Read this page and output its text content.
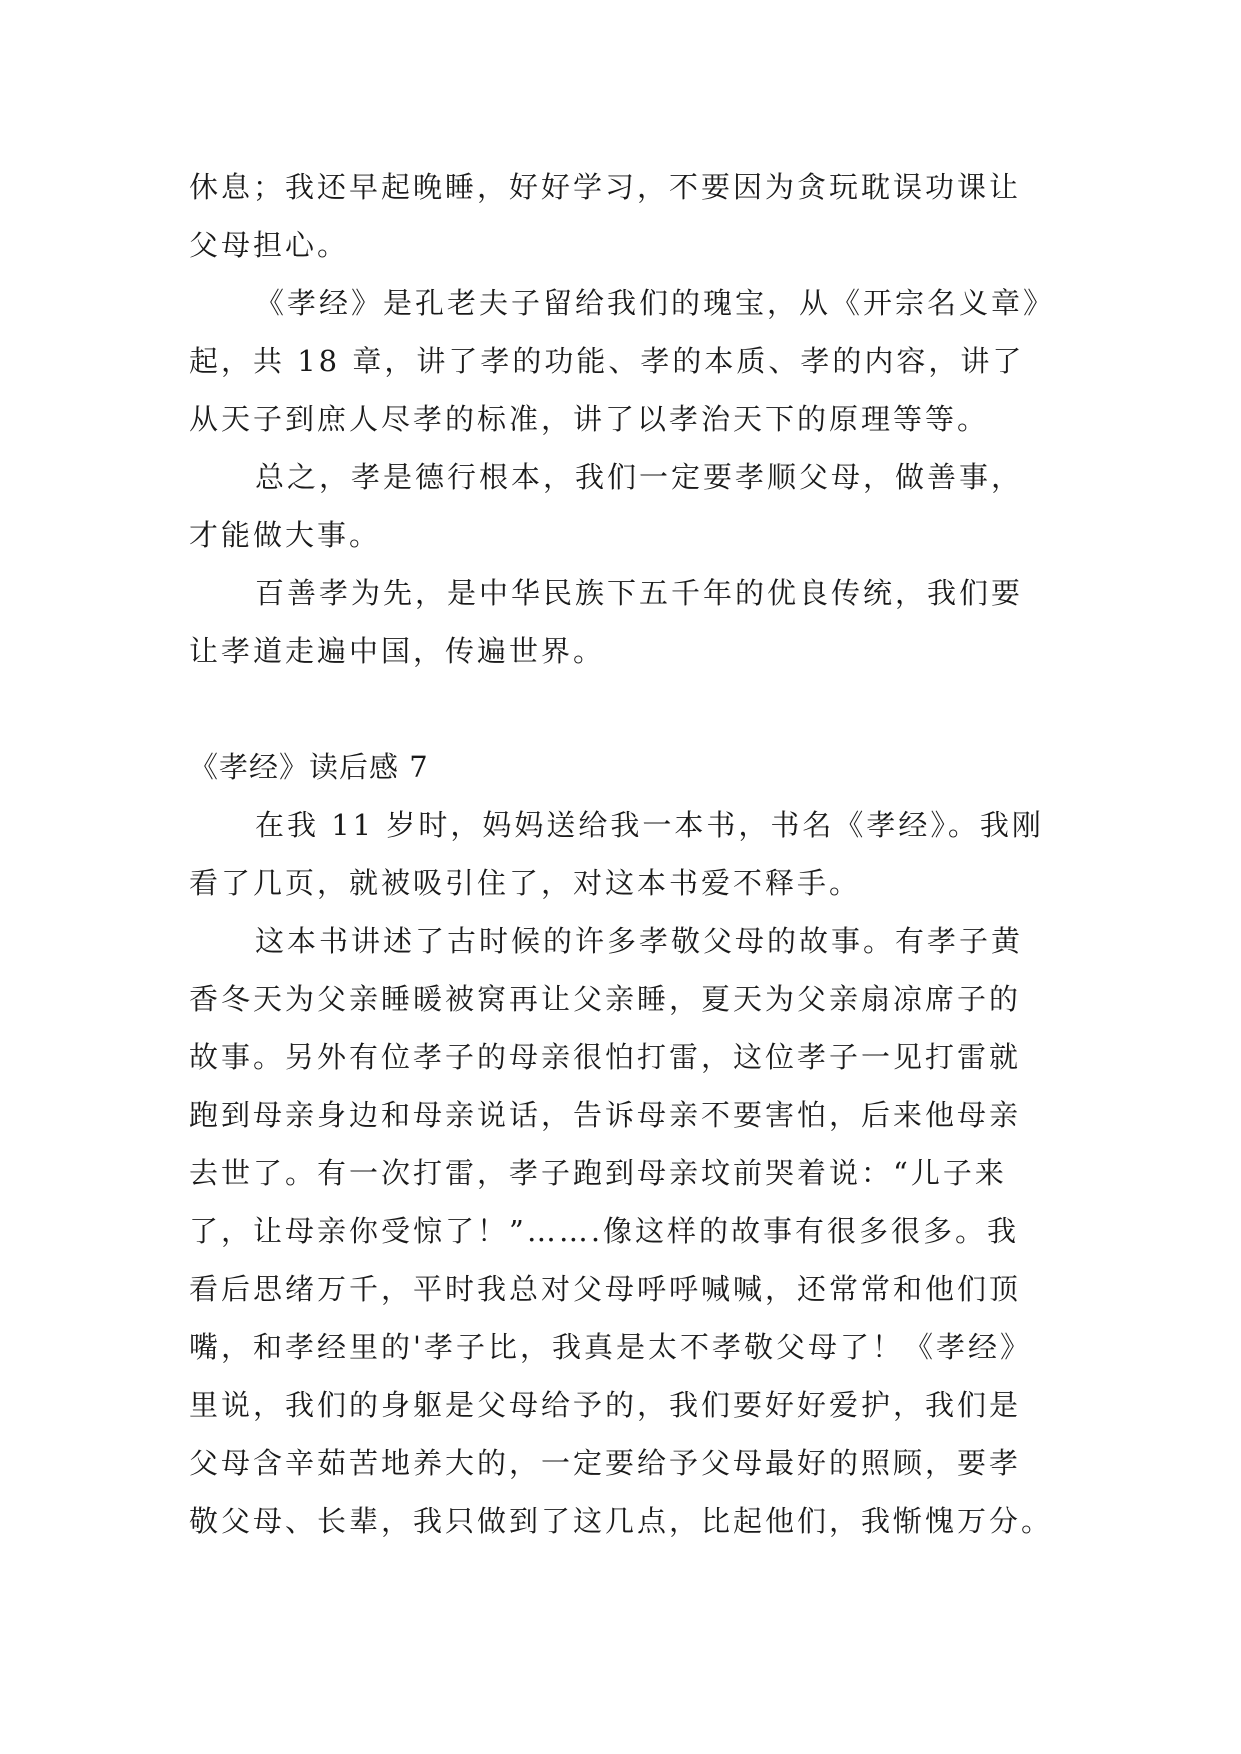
休息；我还早起晚睡，好好学习，不要因为贪玩耽误功课让
父母担心。
《孝经》是孔老夫子留给我们的瑰宝，从《开宗名义章》
起，共 18 章，讲了孝的功能、孝的本质、孝的内容，讲了
从天子到庶人尽孝的标准，讲了以孝治天下的原理等等。
总之，孝是德行根本，我们一定要孝顺父母，做善事，
才能做大事。
百善孝为先，是中华民族下五千年的优良传统，我们要
让孝道走遍中国，传遍世界。
《孝经》读后感 7
在我 11 岁时，妈妈送给我一本书，书名《孝经》。我刚
看了几页，就被吸引住了，对这本书爱不释手。
这本书讲述了古时候的许多孝敬父母的故事。有孝子黄
香冬天为父亲睡暖被窝再让父亲睡，夏天为父亲扇凉席子的
故事。另外有位孝子的母亲很怕打雷，这位孝子一见打雷就
跑到母亲身边和母亲说话，告诉母亲不要害怕，后来他母亲
去世了。有一次打雷，孝子跑到母亲坟前哭着说：“儿子来
了，让母亲你受惊了！”…….像这样的故事有很多很多。我
看后思绪万千，平时我总对父母呼呼喊喊，还常常和他们顶
嘴，和孝经里的'孝子比，我真是太不孝敬父母了！《孝经》
里说，我们的身躯是父母给予的，我们要好好爱护，我们是
父母含辛茹苦地养大的，一定要给予父母最好的照顾，要孝
敬父母、长辈，我只做到了这几点，比起他们，我惭愧万分。
